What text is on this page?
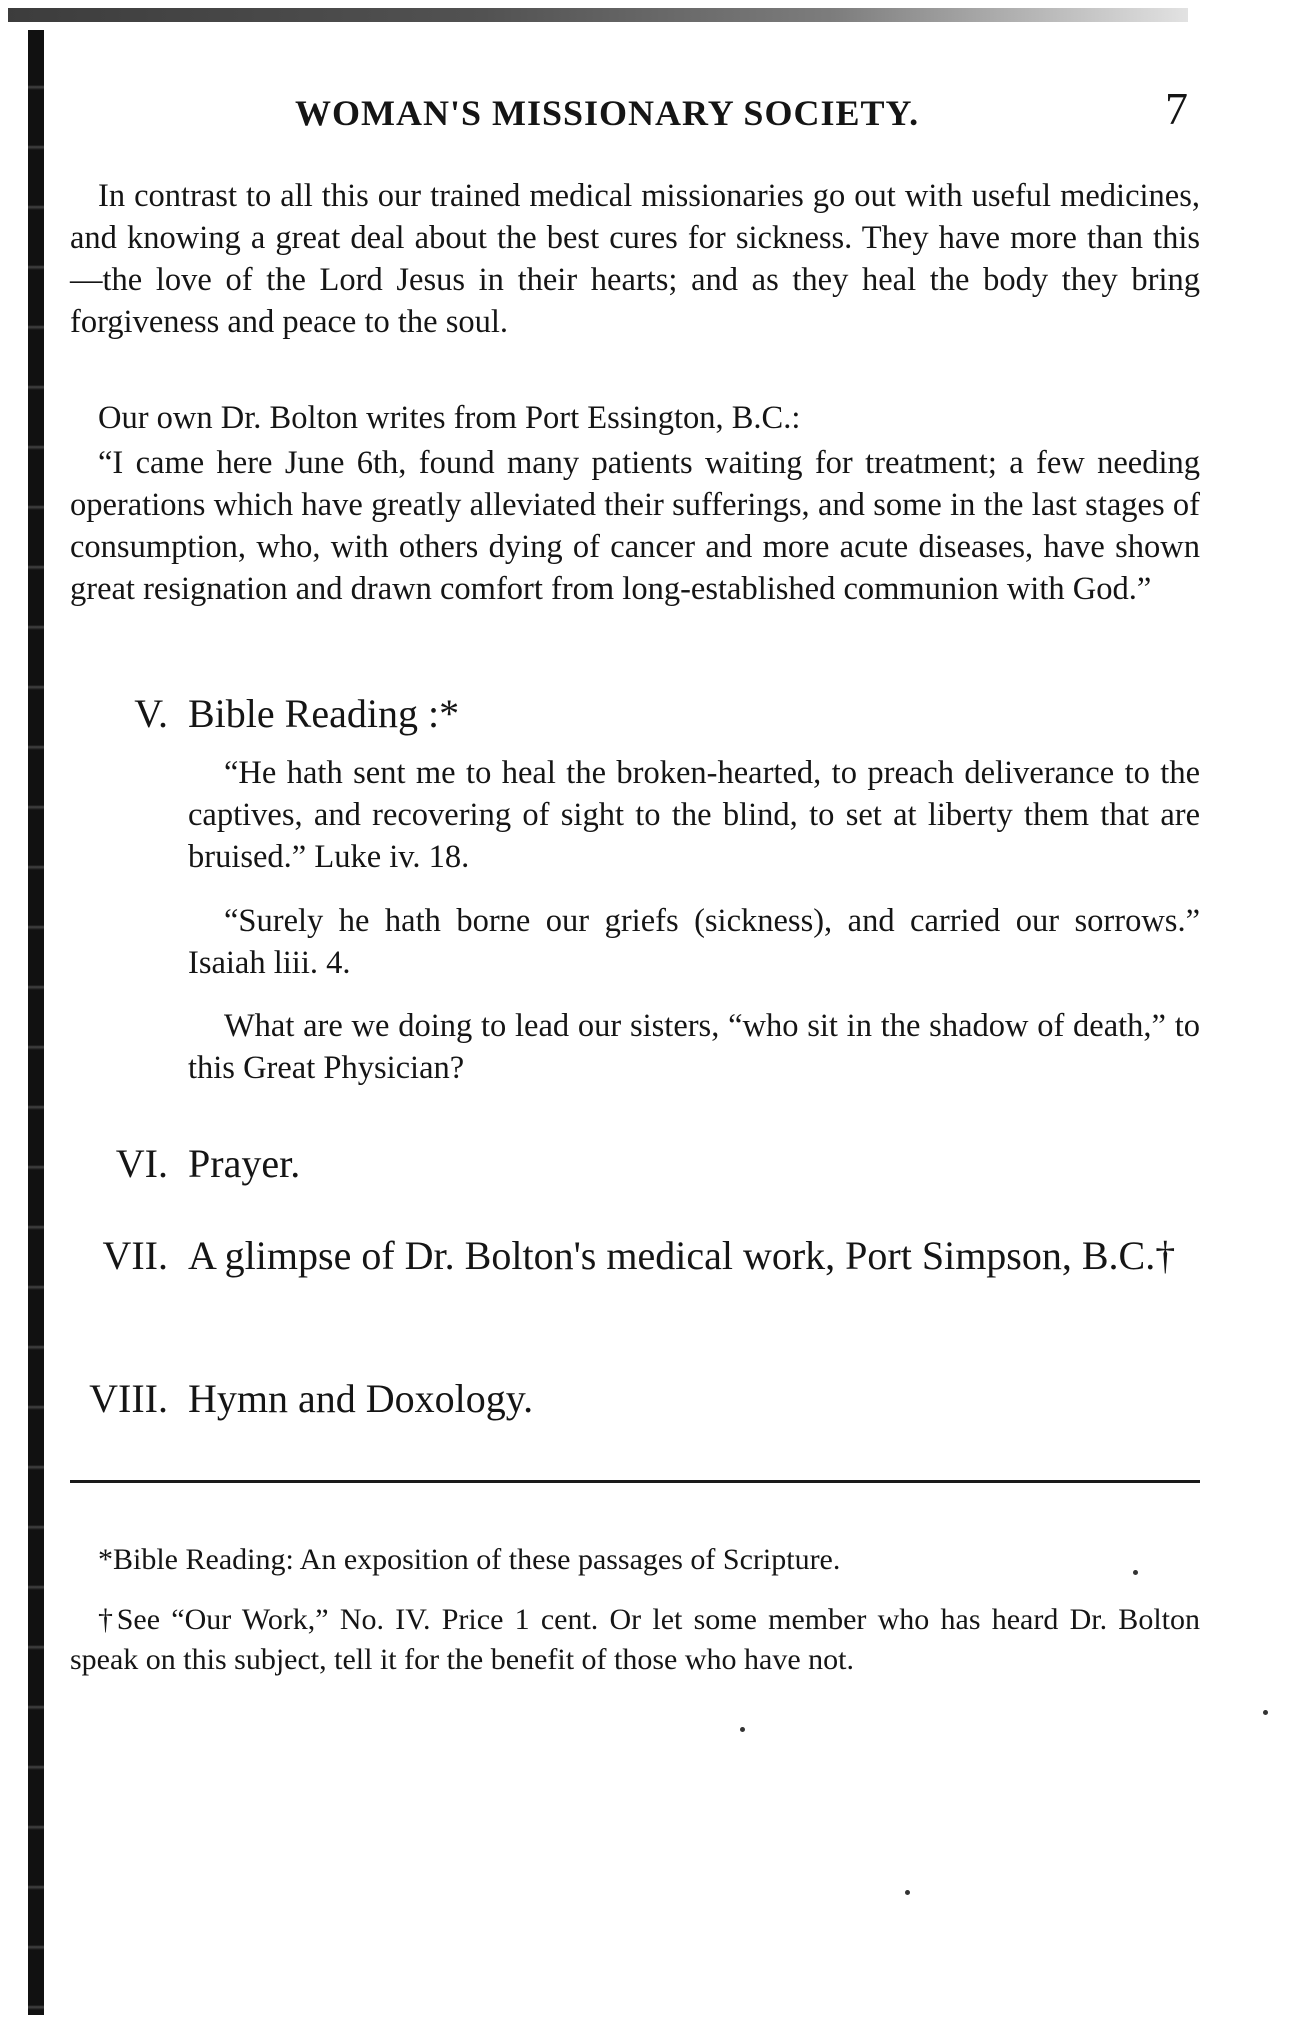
WOMAN'S MISSIONARY SOCIETY.	7
In contrast to all this our trained medical missionaries go out with useful medicines, and knowing a great deal about the best cures for sickness. They have more than this—the love of the Lord Jesus in their hearts; and as they heal the body they bring forgiveness and peace to the soul.
Our own Dr. Bolton writes from Port Essington, B.C.:
“I came here June 6th, found many patients waiting for treatment; a few needing operations which have greatly alleviated their sufferings, and some in the last stages of consumption, who, with others dying of cancer and more acute diseases, have shown great resignation and drawn comfort from long-established communion with God.”
V. Bible Reading :*
“He hath sent me to heal the broken-hearted, to preach deliverance to the captives, and recovering of sight to the blind, to set at liberty them that are bruised.” Luke iv. 18.
“Surely he hath borne our griefs (sickness), and carried our sorrows.” Isaiah liii. 4.
What are we doing to lead our sisters, “who sit in the shadow of death,” to this Great Physician?
VI. Prayer.
VII. A glimpse of Dr. Bolton's medical work, Port Simpson, B.C.†
VIII. Hymn and Doxology.
*Bible Reading: An exposition of these passages of Scripture.
†See “Our Work,” No. IV. Price 1 cent. Or let some member who has heard Dr. Bolton speak on this subject, tell it for the benefit of those who have not.
